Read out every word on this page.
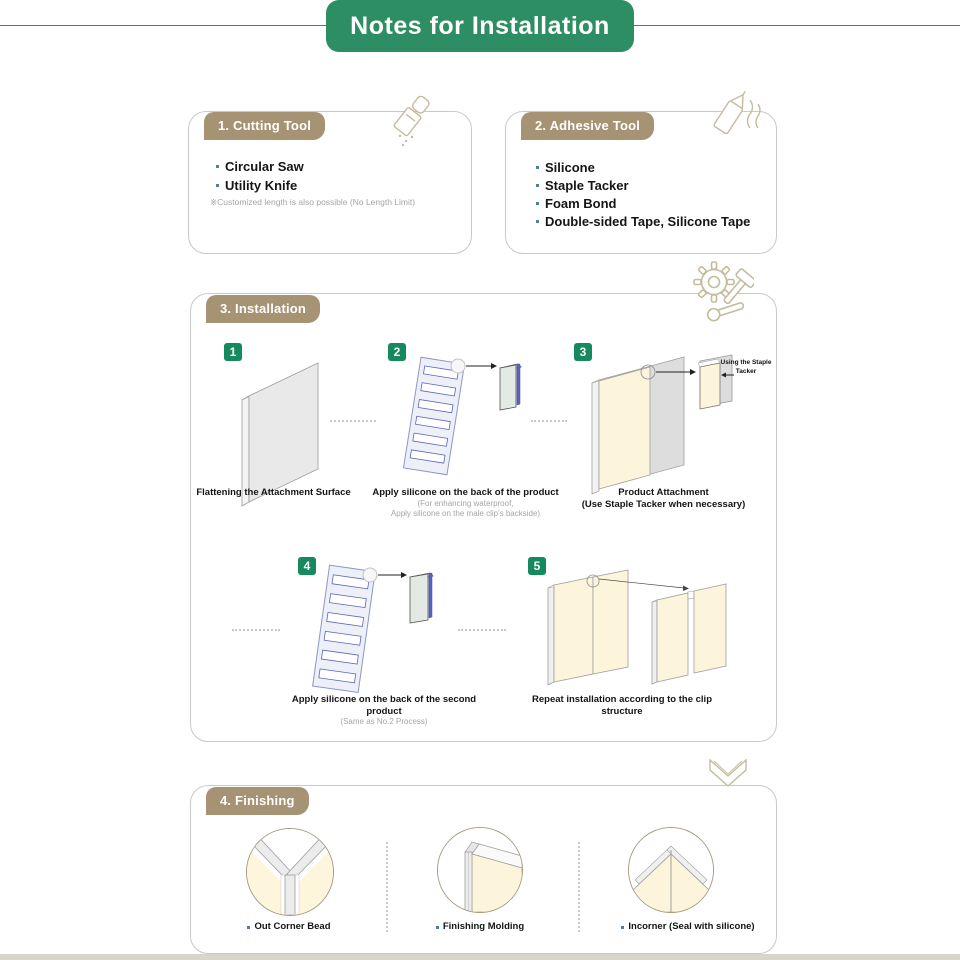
Notes for Installation
1. Cutting Tool
Circular Saw
Utility Knife
※Customized length is also possible (No Length Limit)
2. Adhesive Tool
Silicone
Staple Tacker
Foam Bond
Double-sided Tape, Silicone Tape
3. Installation
1
Flattening the Attachment Surface
2
Apply silicone on the back of the product
(For enhancing waterproof,
Apply silicone on the male clip's backside)
3
Using the Staple Tacker
Product Attachment
(Use Staple Tacker when necessary)
4
Apply silicone on the back of the second product
(Same as No.2 Process)
5
Repeat installation according to the clip structure
4. Finishing
Out Corner Bead	Finishing Molding	Incorner (Seal with silicone)
